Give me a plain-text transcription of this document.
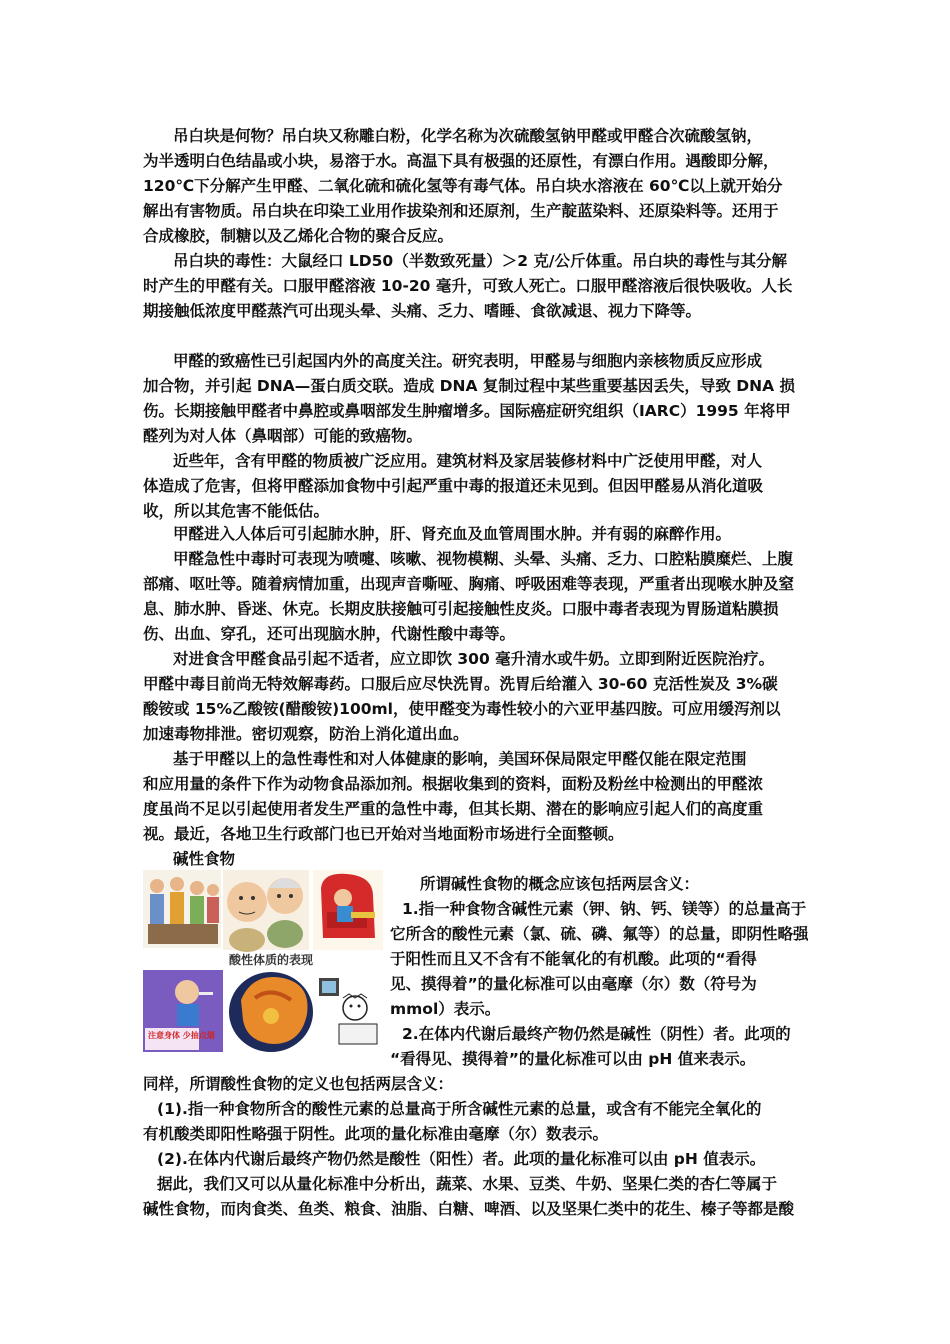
吊白块是何物？吊白块又称雕白粉，化学名称为次硫酸氢钠甲醛或甲醛合次硫酸氢钠，
为半透明白色结晶或小块，易溶于水。高温下具有极强的还原性，有漂白作用。遇酸即分解，
120℃下分解产生甲醛、二氧化硫和硫化氢等有毒气体。吊白块水溶液在 60℃以上就开始分
解出有害物质。吊白块在印染工业用作拔染剂和还原剂，生产靛蓝染料、还原染料等。还用于
合成橡胶，制糖以及乙烯化合物的聚合反应。
吊白块的毒性：大鼠经口 LD50（半数致死量）＞2 克/公斤体重。吊白块的毒性与其分解
时产生的甲醛有关。口服甲醛溶液 10-20 毫升，可致人死亡。口服甲醛溶液后很快吸收。人长
期接触低浓度甲醛蒸汽可出现头晕、头痛、乏力、嗜睡、食欲减退、视力下降等。
甲醛的致癌性已引起国内外的高度关注。研究表明，甲醛易与细胞内亲核物质反应形成
加合物，并引起 DNA—蛋白质交联。造成 DNA 复制过程中某些重要基因丢失，导致 DNA 损
伤。长期接触甲醛者中鼻腔或鼻咽部发生肿瘤增多。国际癌症研究组织（IARC）1995 年将甲
醛列为对人体（鼻咽部）可能的致癌物。
近些年，含有甲醛的物质被广泛应用。建筑材料及家居装修材料中广泛使用甲醛，对人
体造成了危害，但将甲醛添加食物中引起严重中毒的报道还未见到。但因甲醛易从消化道吸
收，所以其危害不能低估。
甲醛进入人体后可引起肺水肿，肝、肾充血及血管周围水肿。并有弱的麻醉作用。
甲醛急性中毒时可表现为喷嚏、咳嗽、视物模糊、头晕、头痛、乏力、口腔粘膜糜烂、上腹
部痛、呕吐等。随着病情加重，出现声音嘶哑、胸痛、呼吸困难等表现，严重者出现喉水肿及窒
息、肺水肿、昏迷、休克。长期皮肤接触可引起接触性皮炎。口服中毒者表现为胃肠道粘膜损
伤、出血、穿孔，还可出现脑水肿，代谢性酸中毒等。
对进食含甲醛食品引起不适者，应立即饮 300 毫升清水或牛奶。立即到附近医院治疗。
甲醛中毒目前尚无特效解毒药。口服后应尽快洗胃。洗胃后给灌入 30-60 克活性炭及 3%碳
酸铵或 15%乙酸铵(醋酸铵)100ml，使甲醛变为毒性较小的六亚甲基四胺。可应用缓泻剂以
加速毒物排泄。密切观察，防治上消化道出血。
基于甲醛以上的急性毒性和对人体健康的影响，美国环保局限定甲醛仅能在限定范围
和应用量的条件下作为动物食品添加剂。根据收集到的资料，面粉及粉丝中检测出的甲醛浓
度虽尚不足以引起使用者发生严重的急性中毒，但其长期、潜在的影响应引起人们的高度重
视。最近，各地卫生行政部门也已开始对当地面粉市场进行全面整顿。
碱性食物
酸性体质的表现
注意身体 少抽点烟
所谓碱性食物的概念应该包括两层含义：
1.指一种食物含碱性元素（钾、钠、钙、镁等）的总量高于
它所含的酸性元素（氯、硫、磷、氟等）的总量，即阴性略强
于阳性而且又不含有不能氧化的有机酸。此项的“看得
见、摸得着”的量化标准可以由毫摩（尔）数（符号为
mmol）表示。
2.在体内代谢后最终产物仍然是碱性（阴性）者。此项的
“看得见、摸得着”的量化标准可以由 pH 值来表示。
同样，所谓酸性食物的定义也包括两层含义：
(1).指一种食物所含的酸性元素的总量高于所含碱性元素的总量，或含有不能完全氧化的
有机酸类即阳性略强于阴性。此项的量化标准由毫摩（尔）数表示。
(2).在体内代谢后最终产物仍然是酸性（阳性）者。此项的量化标准可以由 pH 值表示。
据此，我们又可以从量化标准中分析出，蔬菜、水果、豆类、牛奶、坚果仁类的杏仁等属于
碱性食物，而肉食类、鱼类、粮食、油脂、白糖、啤酒、以及坚果仁类中的花生、榛子等都是酸
